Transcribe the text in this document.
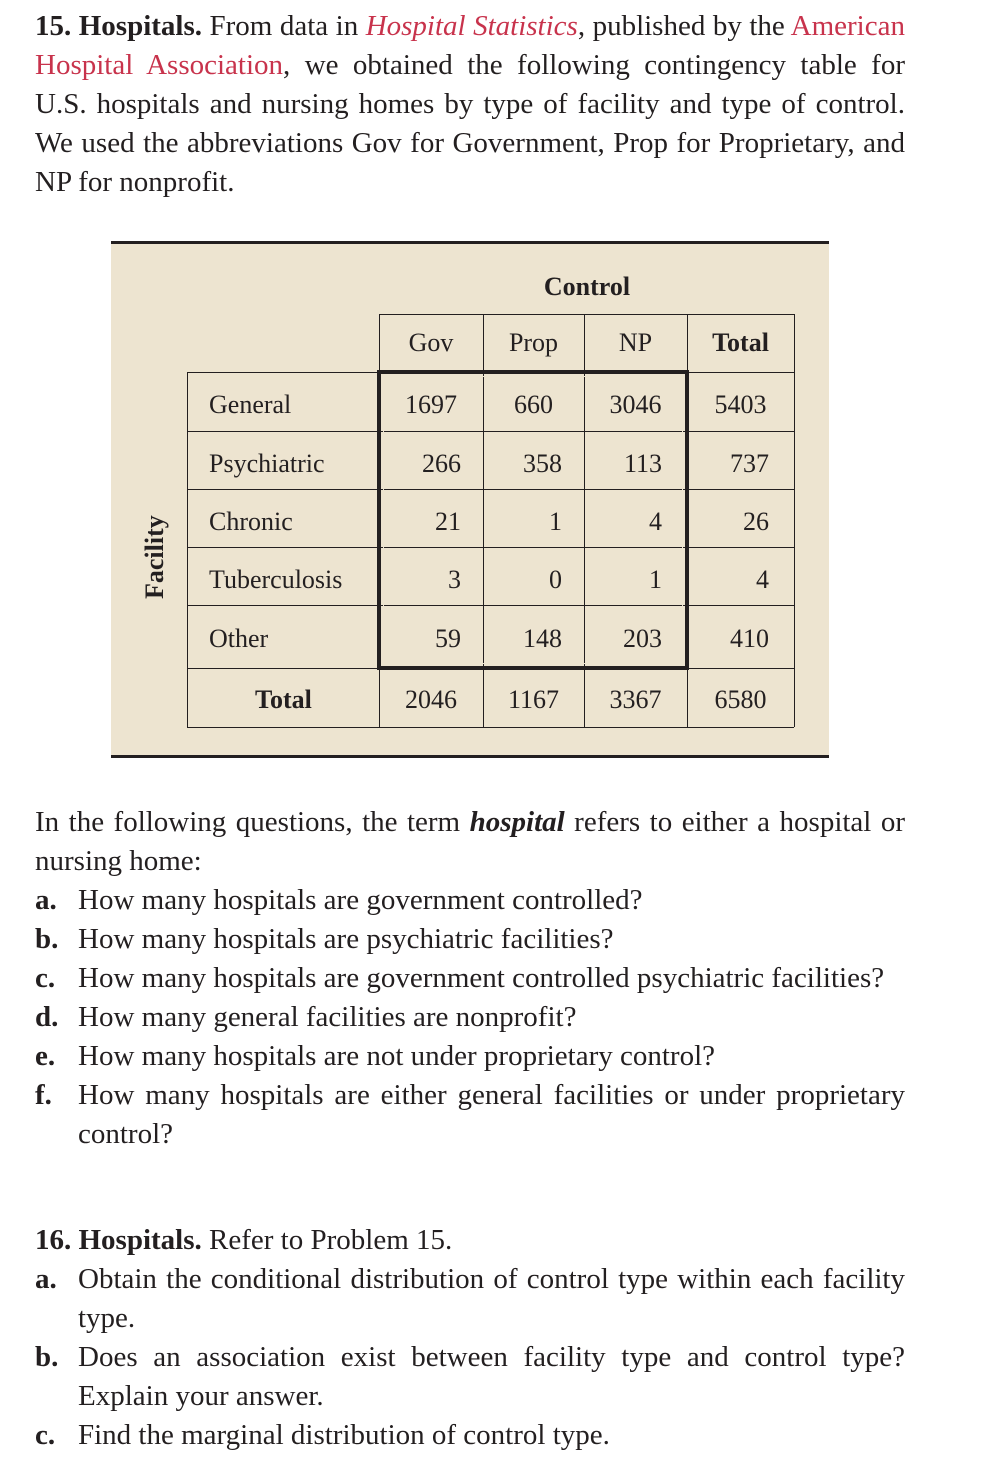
15. Hospitals. From data in Hospital Statistics, published by the American Hospital Association, we obtained the following contingency table for U.S. hospitals and nursing homes by type of facility and type of control. We used the abbreviations Gov for Government, Prop for Proprietary, and NP for nonprofit.
Control
Facility
Gov	Prop	NP	Total
General	1697	660	3046	5403
Psychiatric	266	358	113	737
Chronic	21	1	4	26
Tuberculosis	3	0	1	4
Other	59	148	203	410
Total	2046	1167	3367	6580
In the following questions, the term hospital refers to either a hospital or nursing home:
a. How many hospitals are government controlled?
b. How many hospitals are psychiatric facilities?
c. How many hospitals are government controlled psychiatric facilities?
d. How many general facilities are nonprofit?
e. How many hospitals are not under proprietary control?
f. How many hospitals are either general facilities or under proprietary control?
16. Hospitals. Refer to Problem 15.
a. Obtain the conditional distribution of control type within each facility type.
b. Does an association exist between facility type and control type? Explain your answer.
c. Find the marginal distribution of control type.
